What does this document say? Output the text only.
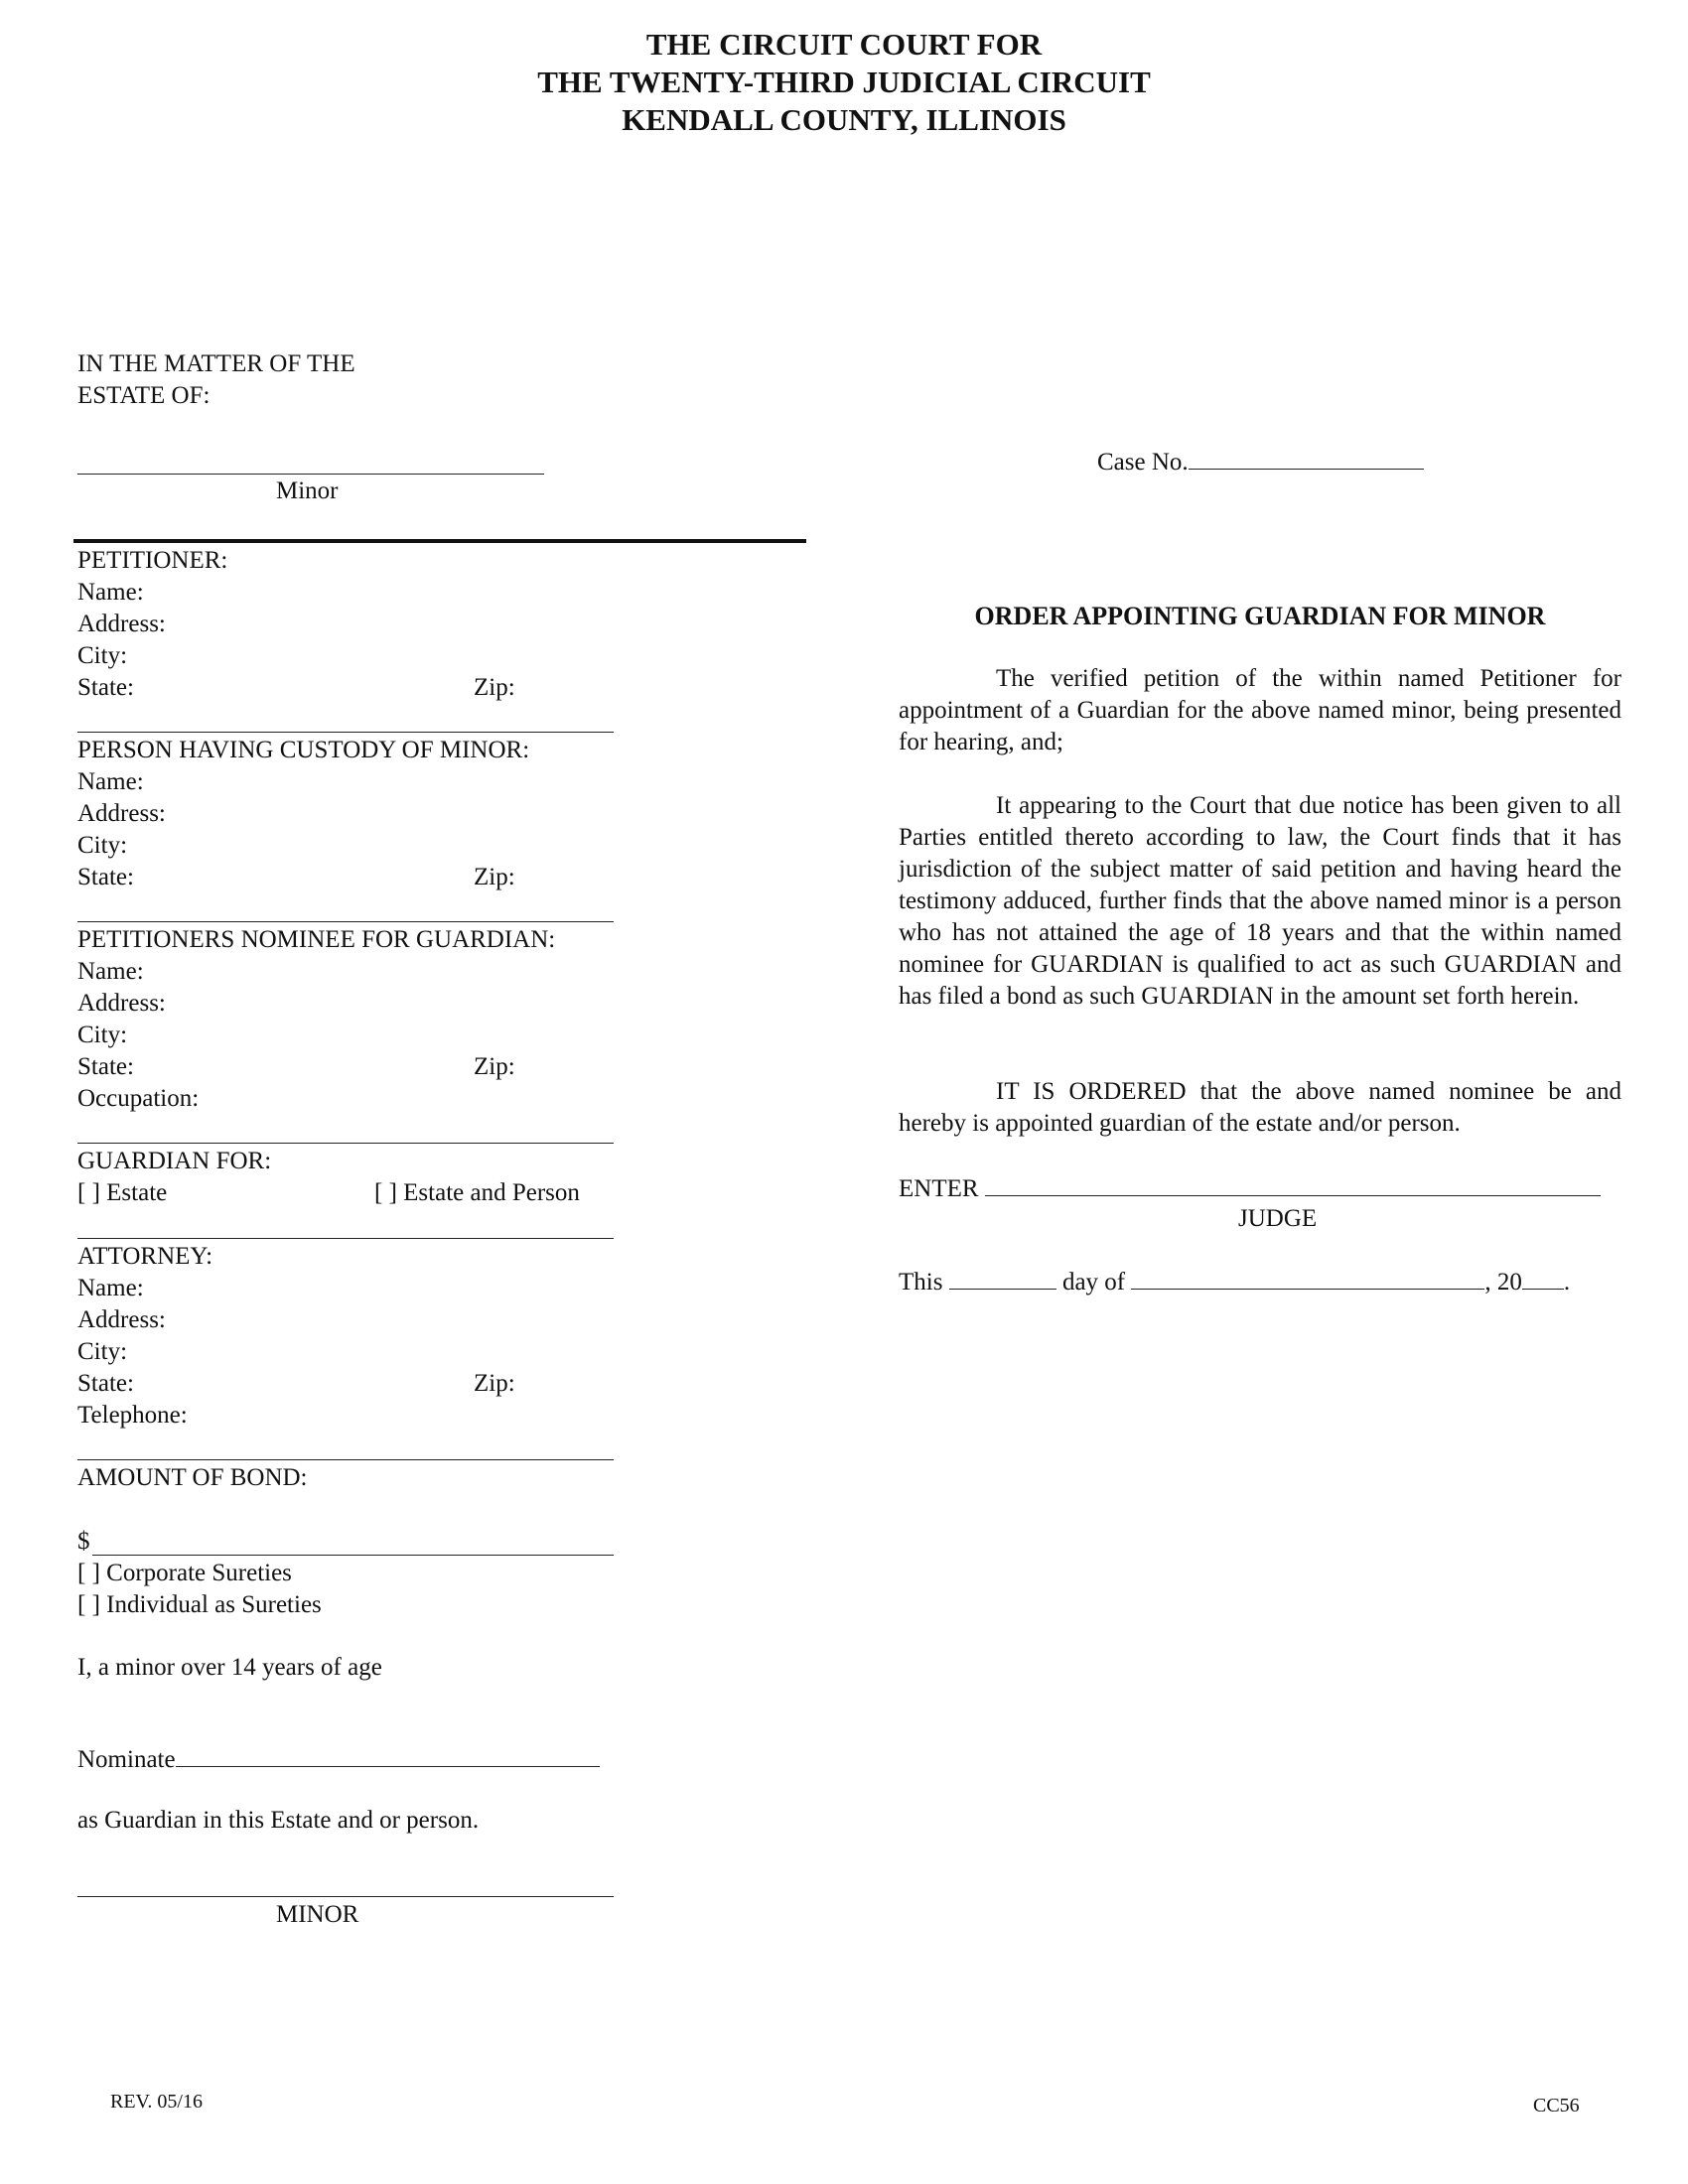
THE CIRCUIT COURT FOR
THE TWENTY-THIRD JUDICIAL CIRCUIT
KENDALL COUNTY, ILLINOIS
IN THE MATTER OF THE
ESTATE OF:
Minor
Case No.
PETITIONER:
Name:
Address:
City:
State:	Zip:
PERSON HAVING CUSTODY OF MINOR:
Name:
Address:
City:
State:	Zip:
PETITIONERS NOMINEE FOR GUARDIAN:
Name:
Address:
City:
State:	Zip:
Occupation:
GUARDIAN FOR:
[ ] Estate	[ ] Estate and Person
ATTORNEY:
Name:
Address:
City:
State:	Zip:
Telephone:
AMOUNT OF BOND:
$
[ ] Corporate Sureties
[ ] Individual as Sureties
I, a minor over 14 years of age
Nominate
as Guardian in this Estate and or person.
MINOR
ORDER APPOINTING GUARDIAN FOR MINOR
The verified petition of the within named Petitioner for appointment of a Guardian for the above named minor, being presented for hearing, and;
It appearing to the Court that due notice has been given to all Parties entitled thereto according to law, the Court finds that it has jurisdiction of the subject matter of said petition and having heard the testimony adduced, further finds that the above named minor is a person who has not attained the age of 18 years and that the within named nominee for GUARDIAN is qualified to act as such GUARDIAN and has filed a bond as such GUARDIAN in the amount set forth herein.
IT IS ORDERED that the above named nominee be and hereby is appointed guardian of the estate and/or person.
ENTER
JUDGE
This	day of	, 20 .
REV. 05/16	CC56
